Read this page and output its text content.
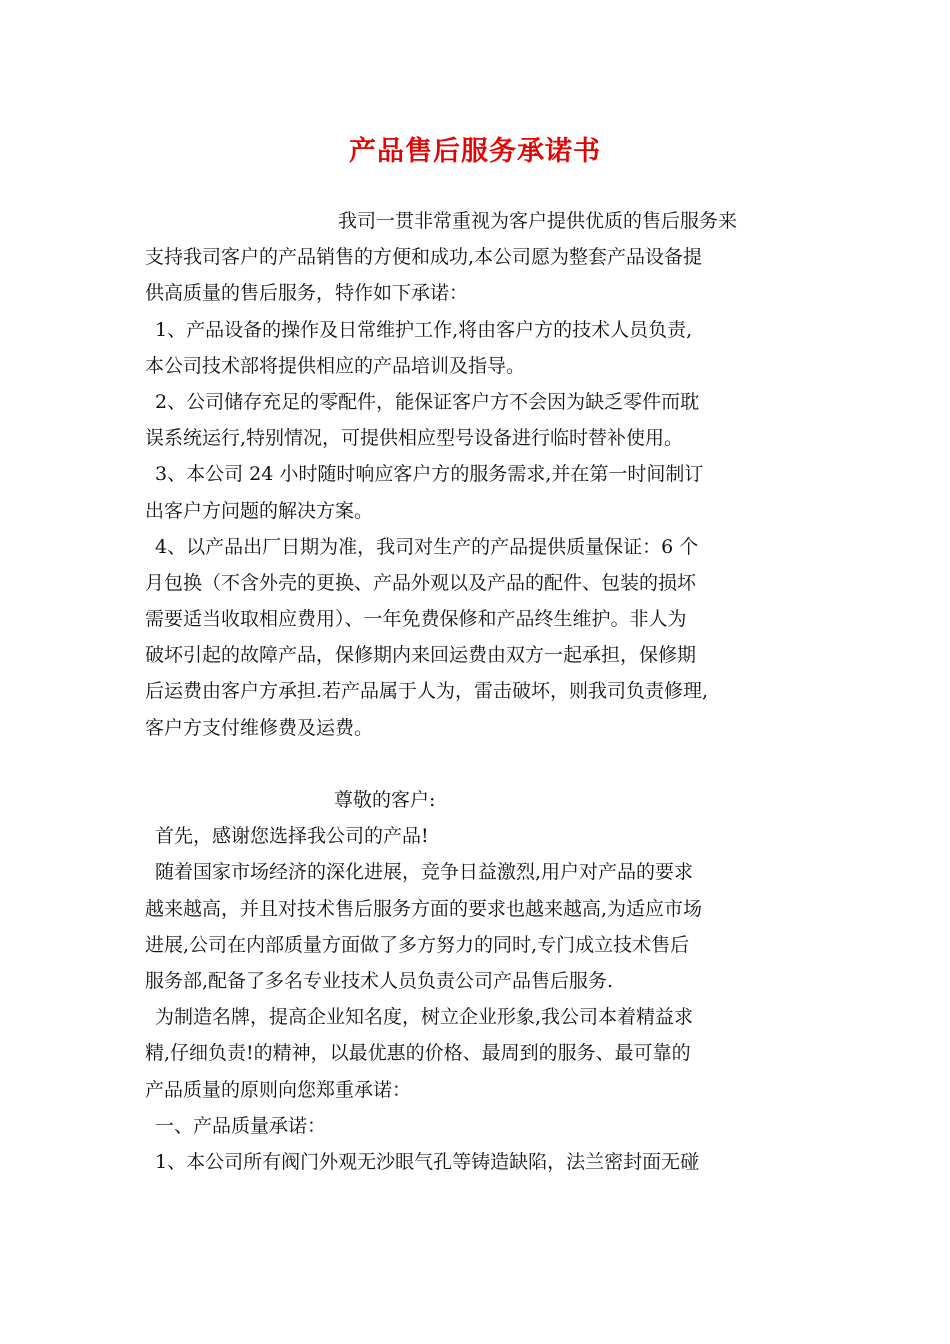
产品售后服务承诺书
我司一贯非常重视为客户提供优质的售后服务来
支持我司客户的产品销售的方便和成功,本公司愿为整套产品设备提
供高质量的售后服务，特作如下承诺：
1、产品设备的操作及日常维护工作,将由客户方的技术人员负责,
本公司技术部将提供相应的产品培训及指导。
2、公司储存充足的零配件，能保证客户方不会因为缺乏零件而耽
误系统运行,特别情况，可提供相应型号设备进行临时替补使用。
3、本公司 24 小时随时响应客户方的服务需求,并在第一时间制订
出客户方问题的解决方案。
4、以产品出厂日期为准，我司对生产的产品提供质量保证：6 个
月包换（不含外壳的更换、产品外观以及产品的配件、包装的损坏
需要适当收取相应费用）、一年免费保修和产品终生维护。非人为
破坏引起的故障产品，保修期内来回运费由双方一起承担，保修期
后运费由客户方承担.若产品属于人为，雷击破坏，则我司负责修理,
客户方支付维修费及运费。
尊敬的客户:
首先，感谢您选择我公司的产品!
随着国家市场经济的深化进展，竞争日益激烈,用户对产品的要求
越来越高，并且对技术售后服务方面的要求也越来越高,为适应市场
进展,公司在内部质量方面做了多方努力的同时,专门成立技术售后
服务部,配备了多名专业技术人员负责公司产品售后服务.
为制造名牌，提高企业知名度，树立企业形象,我公司本着精益求
精,仔细负责!的精神，以最优惠的价格、最周到的服务、最可靠的
产品质量的原则向您郑重承诺：
一、产品质量承诺：
1、本公司所有阀门外观无沙眼气孔等铸造缺陷，法兰密封面无碰
